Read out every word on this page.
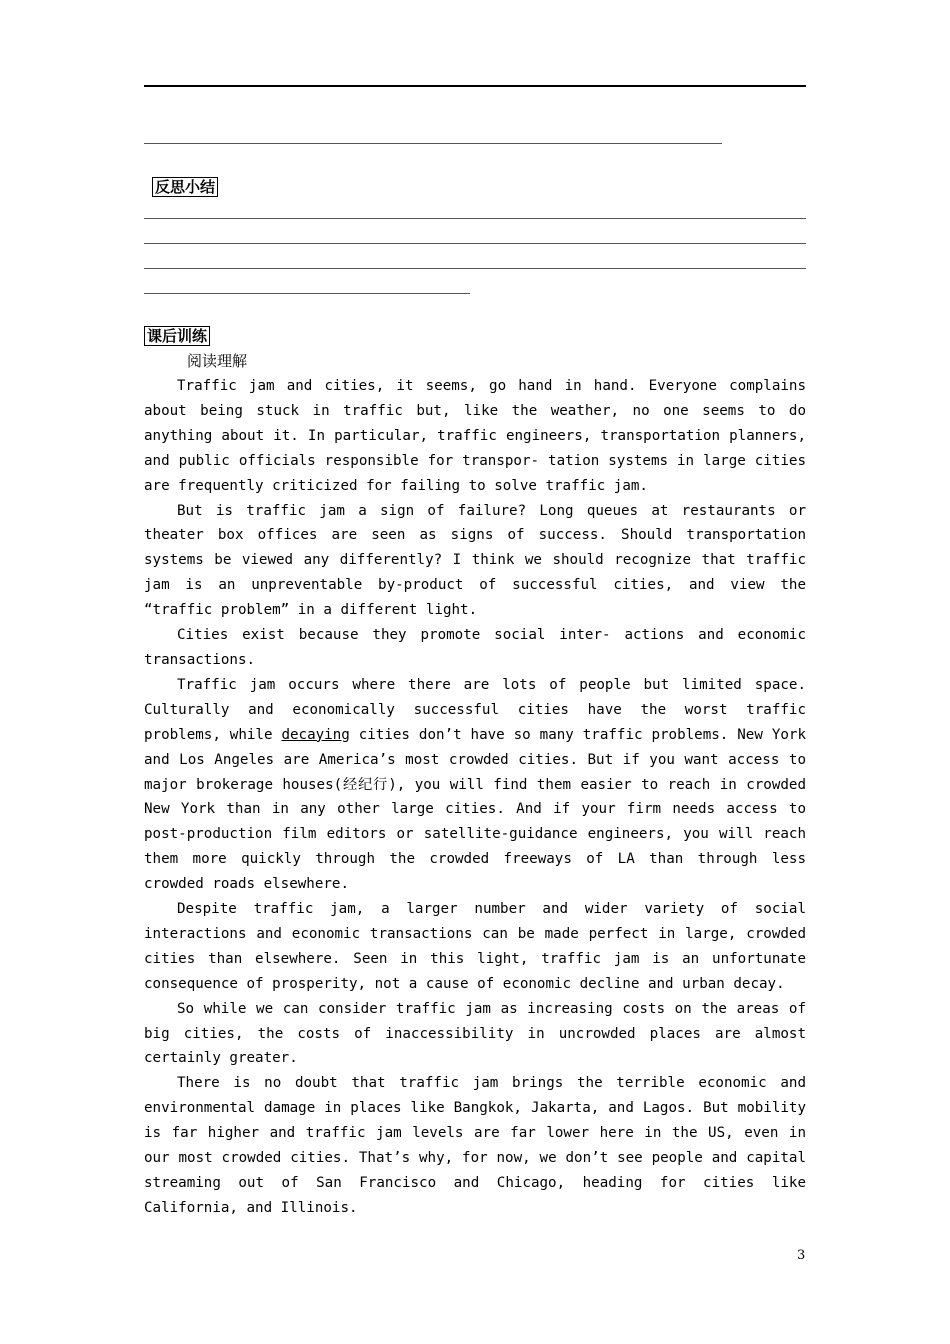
反思小结
课后训练
阅读理解

Traffic jam and cities, it seems, go hand in hand. Everyone complains about being stuck in traffic but, like the weather, no one seems to do anything about it. In particular, traffic engineers, transportation planners, and public officials responsible for transpor- tation systems in large cities are frequently criticized for failing to solve traffic jam.

But is traffic jam a sign of failure? Long queues at restaurants or theater box offices are seen as signs of success. Should transportation systems be viewed any differently? I think we should recognize that traffic jam is an unpreventable by-product of successful cities, and view the “traffic problem” in a different light.

Cities exist because they promote social inter- actions and economic transactions.

Traffic jam occurs where there are lots of people but limited space. Culturally and economically successful cities have the worst traffic problems, while decaying cities don’t have so many traffic problems. New York and Los Angeles are America’s most crowded cities. But if you want access to major brokerage houses(经纪行), you will find them easier to reach in crowded New York than in any other large cities. And if your firm needs access to post-production film editors or satellite-guidance engineers, you will reach them more quickly through the crowded freeways of LA than through less crowded roads elsewhere.

Despite traffic jam, a larger number and wider variety of social interactions and economic transactions can be made perfect in large, crowded cities than elsewhere. Seen in this light, traffic jam is an unfortunate consequence of prosperity, not a cause of economic decline and urban decay.

So while we can consider traffic jam as increasing costs on the areas of big cities, the costs of inaccessibility in uncrowded places are almost certainly greater.

There is no doubt that traffic jam brings the terrible economic and environmental damage in places like Bangkok, Jakarta, and Lagos. But mobility is far higher and traffic jam levels are far lower here in the US, even in our most crowded cities. That’s why, for now, we don’t see people and capital streaming out of San Francisco and Chicago, heading for cities like California, and Illinois.

3
